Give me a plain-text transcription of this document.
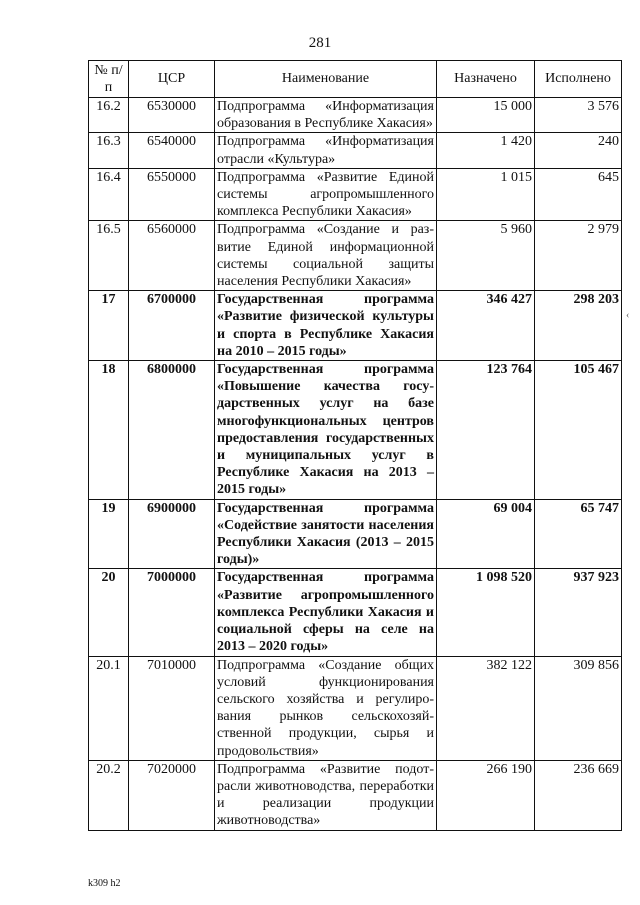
281
№ п/п	ЦСР	Наименование	Назначено	Исполнено
16.2	6530000	Подпрограмма «Информатизация образования в Республике Хакасия»	15 000	3 576
16.3	6540000	Подпрограмма «Информатизация отрасли «Культура»	1 420	240
16.4	6550000	Подпрограмма «Развитие Единой системы агропромышленного комплекса Республики Хакасия»	1 015	645
16.5	6560000	Подпрограмма «Создание и развитие Единой информационной системы социальной защиты населения Республики Хакасия»	5 960	2 979
17	6700000	Государственная программа «Развитие физической культуры и спорта в Республике Хакасия на 2010 – 2015 годы»	346 427	298 203
18	6800000	Государственная программа «Повышение качества государственных услуг на базе многофункциональных центров предоставления государственных и муниципальных услуг в Республике Хакасия на 2013 – 2015 годы»	123 764	105 467
19	6900000	Государственная программа «Содействие занятости населения Республики Хакасия (2013 – 2015 годы)»	69 004	65 747
20	7000000	Государственная программа «Развитие агропромышленного комплекса Республики Хакасия и социальной сферы на селе на 2013 – 2020 годы»	1 098 520	937 923
20.1	7010000	Подпрограмма «Создание общих условий функционирования сельского хозяйства и регулирования рынков сельскохозяйственной продукции, сырья и продовольствия»	382 122	309 856
20.2	7020000	Подпрограмма «Развитие подотрасли животноводства, переработки и реализации продукции животноводства»	266 190	236 669
‹
k309 h2
